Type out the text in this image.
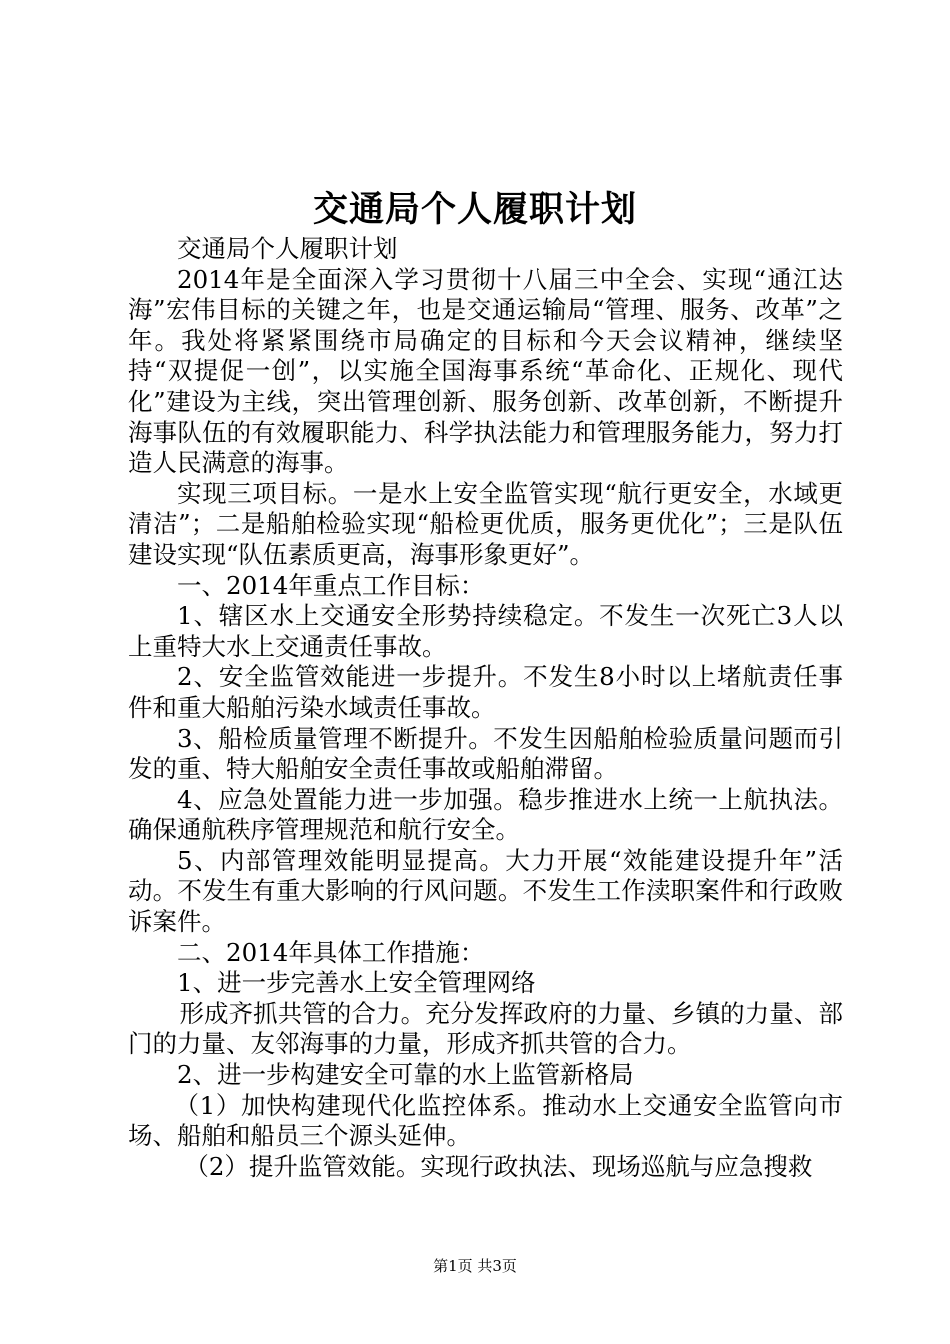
交通局个人履职计划

交通局个人履职计划

2014年是全面深入学习贯彻十八届三中全会、实现“通江达海”宏伟目标的关键之年，也是交通运输局“管理、服务、改革”之年。我处将紧紧围绕市局确定的目标和今天会议精神，继续坚持“双提促一创”，以实施全国海事系统“革命化、正规化、现代化”建设为主线，突出管理创新、服务创新、改革创新，不断提升海事队伍的有效履职能力、科学执法能力和管理服务能力，努力打造人民满意的海事。

实现三项目标。一是水上安全监管实现“航行更安全，水域更清洁”；二是船舶检验实现“船检更优质，服务更优化”；三是队伍建设实现“队伍素质更高，海事形象更好”。

一、2014年重点工作目标：

1、辖区水上交通安全形势持续稳定。不发生一次死亡3人以上重特大水上交通责任事故。

2、安全监管效能进一步提升。不发生8小时以上堵航责任事件和重大船舶污染水域责任事故。

3、船检质量管理不断提升。不发生因船舶检验质量问题而引发的重、特大船舶安全责任事故或船舶滞留。

4、应急处置能力进一步加强。稳步推进水上统一上航执法。确保通航秩序管理规范和航行安全。

5、内部管理效能明显提高。大力开展“效能建设提升年”活动。不发生有重大影响的行风问题。不发生工作渎职案件和行政败诉案件。

二、2014年具体工作措施：

1、进一步完善水上安全管理网络

形成齐抓共管的合力。充分发挥政府的力量、乡镇的力量、部门的力量、友邻海事的力量，形成齐抓共管的合力。

2、进一步构建安全可靠的水上监管新格局

（1）加快构建现代化监控体系。推动水上交通安全监管向市场、船舶和船员三个源头延伸。

（2）提升监管效能。实现行政执法、现场巡航与应急搜救

第1页 共3页
